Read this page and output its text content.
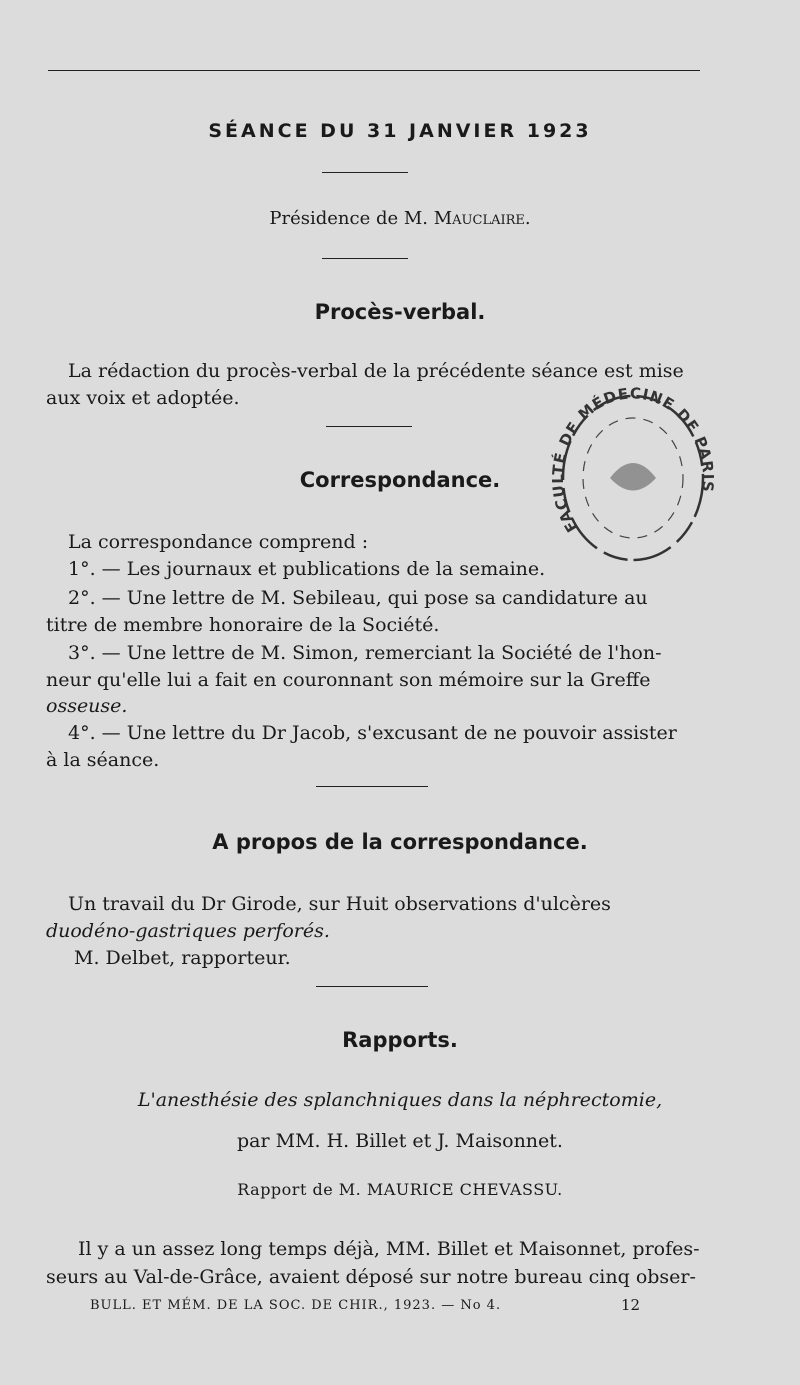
SÉANCE DU 31 JANVIER 1923
Présidence de M. Mauclaire.
Procès-verbal.
La rédaction du procès-verbal de la précédente séance est mise
aux voix et adoptée.
Correspondance.
La correspondance comprend :
1°. — Les journaux et publications de la semaine.
2°. — Une lettre de M. Sebileau, qui pose sa candidature au
titre de membre honoraire de la Société.
3°. — Une lettre de M. Simon, remerciant la Société de l'hon-
neur qu'elle lui a fait en couronnant son mémoire sur la Greffe
osseuse.
4°. — Une lettre du Dr Jacob, s'excusant de ne pouvoir assister
à la séance.
A propos de la correspondance.
Un travail du Dr Girode, sur Huit observations d'ulcères
duodéno-gastriques perforés.
M. Delbet, rapporteur.
Rapports.
L'anesthésie des splanchniques dans la néphrectomie,
par MM. H. Billet et J. Maisonnet.
Rapport de M. MAURICE CHEVASSU.
Il y a un assez long temps déjà, MM. Billet et Maisonnet, profes-
seurs au Val-de-Grâce, avaient déposé sur notre bureau cinq obser-
BULL. ET MÉM. DE LA SOC. DE CHIR., 1923. — No 4.	12
FACULTÉ DE MÉDECINE DE PARIS
